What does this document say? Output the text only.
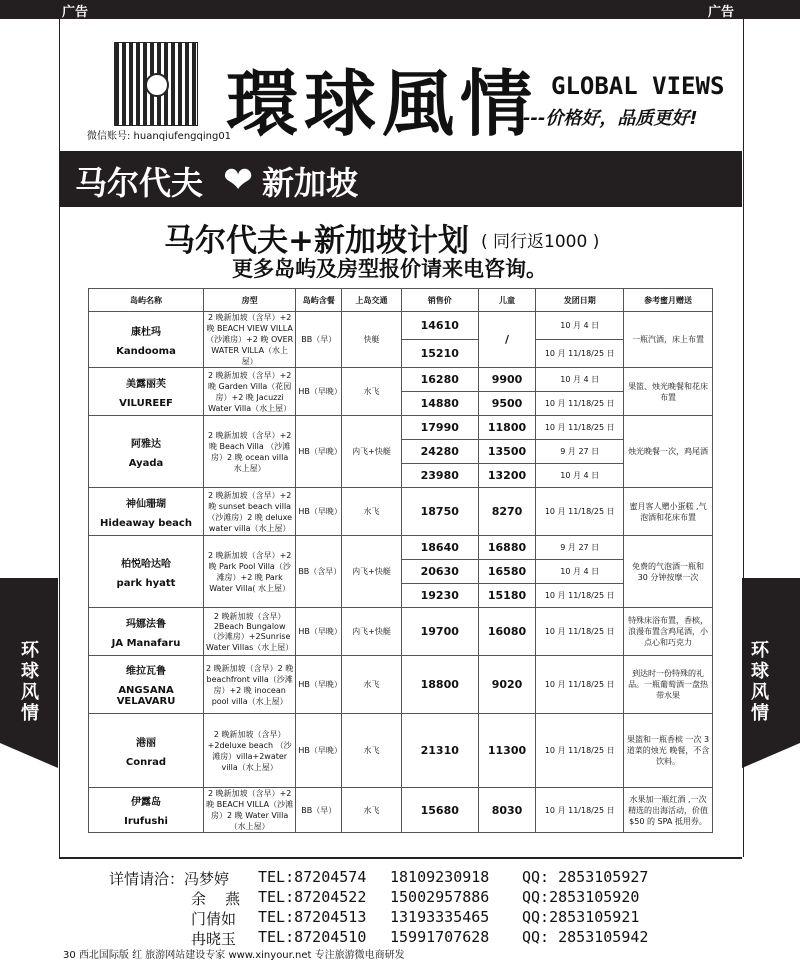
广告	广告
微信账号: huanqiufengqing01
環球風情 GLOBAL VIEWS
---价格好，品质更好!
马尔代夫 ❤ 新加坡
马尔代夫+新加坡计划 ( 同行返1000 )
更多岛屿及房型报价请来电咨询。
环
球
风
情
环
球
风
情
岛屿名称	房型	岛屿含餐	上岛交通	销售价	儿童	发团日期	参考蜜月赠送

康杜玛
Kandooma	2 晚新加坡（含早）+2 晚 BEACH VIEW VILLA（沙滩房）+2 晚 OVER WATER VILLA（水上屋）	BB（早）	快艇	14610	/	10 月 4 日	一瓶汽酒，床上布置
				15210		10 月 11/18/25 日	

美露丽芙
VILUREEF	2 晚新加坡（含早）+2 晚 Garden Villa（花园房）+2 晚 Jacuzzi Water Villa（水上屋）	HB（早晚）	水飞	16280	9900	10 月 4 日	果篮、烛光晚餐和花床布置
				14880	9500	10 月 11/18/25 日	

阿雅达
Ayada	2 晚新加坡（含早）+2 晚 Beach Villa （沙滩房）2 晚 ocean villa 水上屋）	HB（早晚）	内飞+快艇	17990	11800	10 月 11/18/25 日	烛光晚餐一次，鸡尾酒
				24280	13500	9 月 27 日	
				23980	13200	10 月 4 日	

神仙珊瑚
Hideaway beach	2 晚新加坡（含早）+2 晚 sunset beach villa （沙滩房）2 晚 deluxe water villa（水上屋）	HB（早晚）	水飞	18750	8270	10 月 11/18/25 日	蜜月客人赠小蛋糕 ,气泡酒和花床布置

柏悦哈达哈
park hyatt	2 晚新加坡（含早）+2 晚 Park Pool Villa（沙滩房）+2 晚 Park Water Villa( 水上屋）	BB（含早）	内飞+快艇	18640	16880	9 月 27 日	免费的气泡酒一瓶和 30 分钟按摩一次
				20630	16580	10 月 4 日	
				19230	15180	10 月 11/18/25 日	

玛娜法鲁
JA Manafaru	2 晚新加坡（含早）2Beach Bungalow（沙滩房）+2Sunrise Water Villas（水上屋）	HB（早晚）	内飞+快艇	19700	16080	10 月 11/18/25 日	特殊床浴布置，香槟，浪漫布置含鸡尾酒，小点心和巧克力

维拉瓦鲁
ANGSANA VELAVARU	2 晚新加坡（含早）2 晚 beachfront villa（沙滩房）+2 晚 inocean pool villa（水上屋）	HB（早晚）	水飞	18800	9020	10 月 11/18/25 日	到达时一份特殊的礼品。一瓶葡萄酒一盘热带水果

港丽
Conrad	2 晚新加坡（含早）+2deluxe beach （沙滩房）villa+2water villa（水上屋）	HB（早晚）	水飞	21310	11300	10 月 11/18/25 日	果篮和一瓶香槟 一次 3 道菜的烛光 晚餐，不含饮料。

伊露岛
Irufushi	2 晚新加坡（含早）+2 晚 BEACH VILLA（沙滩房）2 晚 Water Villa（水上屋）	BB（早）	水飞	15680	8030	10 月 11/18/25 日	水果加一瓶红酒 ,一次精选的出海活动，价值$50 的 SPA 抵用券。
详情请洽：冯梦婷 TEL:87204574 18109230918 QQ: 2853105927
余    燕 TEL:87204522 15002957886 QQ:2853105920
门倩如 TEL:87204513 13193335465 QQ:2853105921
冉晓玉 TEL:87204510 15991707628 QQ: 2853105942
30 西北国际版 红 旅游网站建设专家 www.xinyour.net 专注旅游微电商研发
